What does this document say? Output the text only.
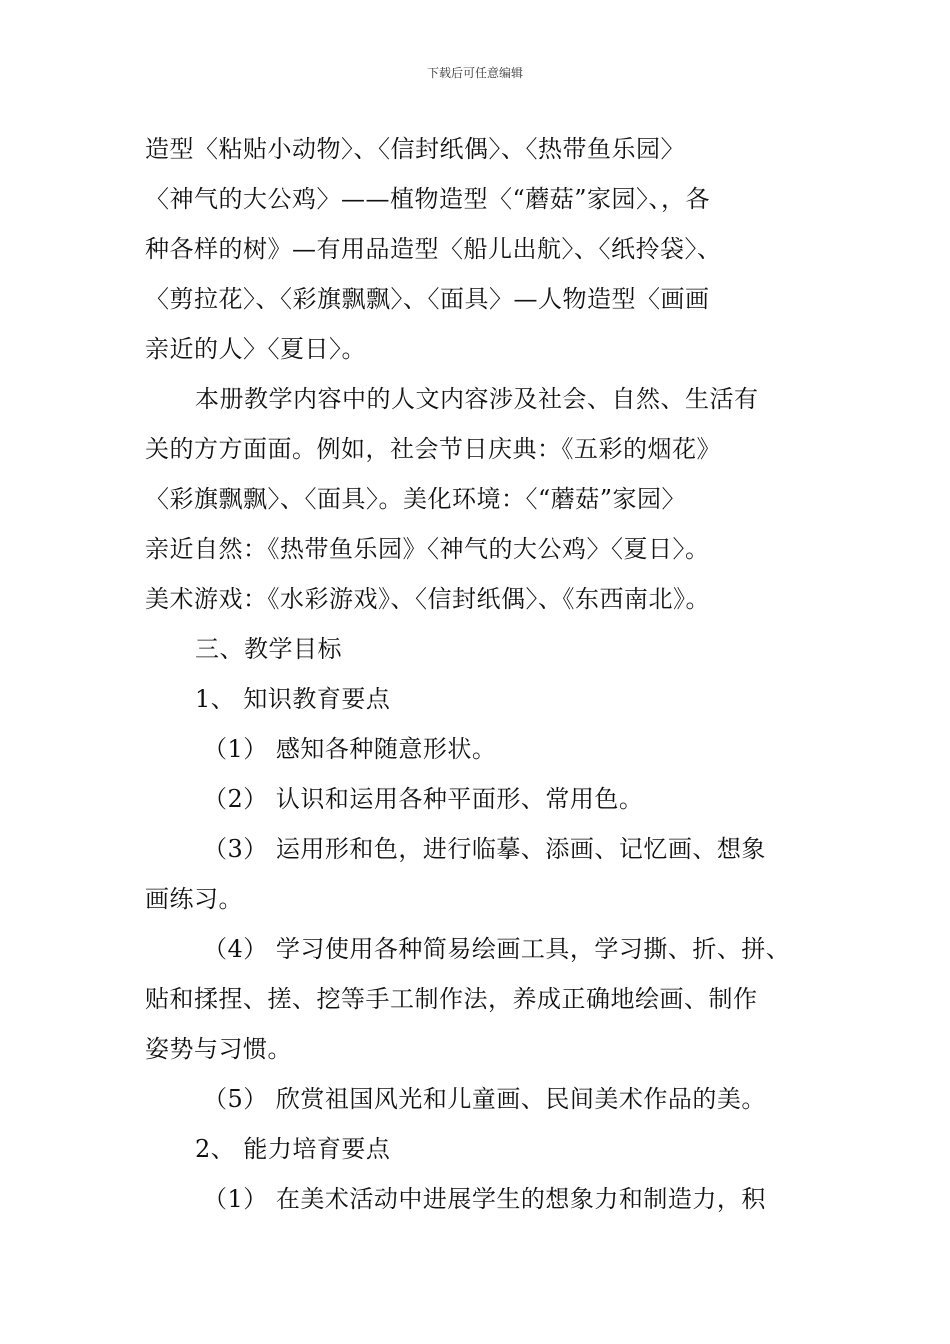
下载后可任意编辑
造型〈粘贴小动物〉、〈信封纸偶〉、〈热带鱼乐园〉
〈神气的大公鸡〉——植物造型〈“蘑菇”家园〉、，各
种各样的树》—有用品造型〈船儿出航〉、〈纸拎袋〉、
〈剪拉花〉、〈彩旗飘飘〉、〈面具〉—人物造型〈画画
亲近的人〉〈夏日〉。
本册教学内容中的人文内容涉及社会、自然、生活有
关的方方面面。例如，社会节日庆典：《五彩的烟花》
〈彩旗飘飘〉、〈面具〉。美化环境：〈“蘑菇”家园〉
亲近自然：《热带鱼乐园》〈神气的大公鸡〉〈夏日〉。
美术游戏：《水彩游戏》、〈信封纸偶〉、《东西南北》。
三、教学目标
1、 知识教育要点
（1） 感知各种随意形状。
（2） 认识和运用各种平面形、常用色。
（3） 运用形和色，进行临摹、添画、记忆画、想象
画练习。
（4） 学习使用各种简易绘画工具，学习撕、折、拼、
贴和揉捏、搓、挖等手工制作法，养成正确地绘画、制作
姿势与习惯。
（5） 欣赏祖国风光和儿童画、民间美术作品的美。
2、 能力培育要点
（1） 在美术活动中进展学生的想象力和制造力，积
